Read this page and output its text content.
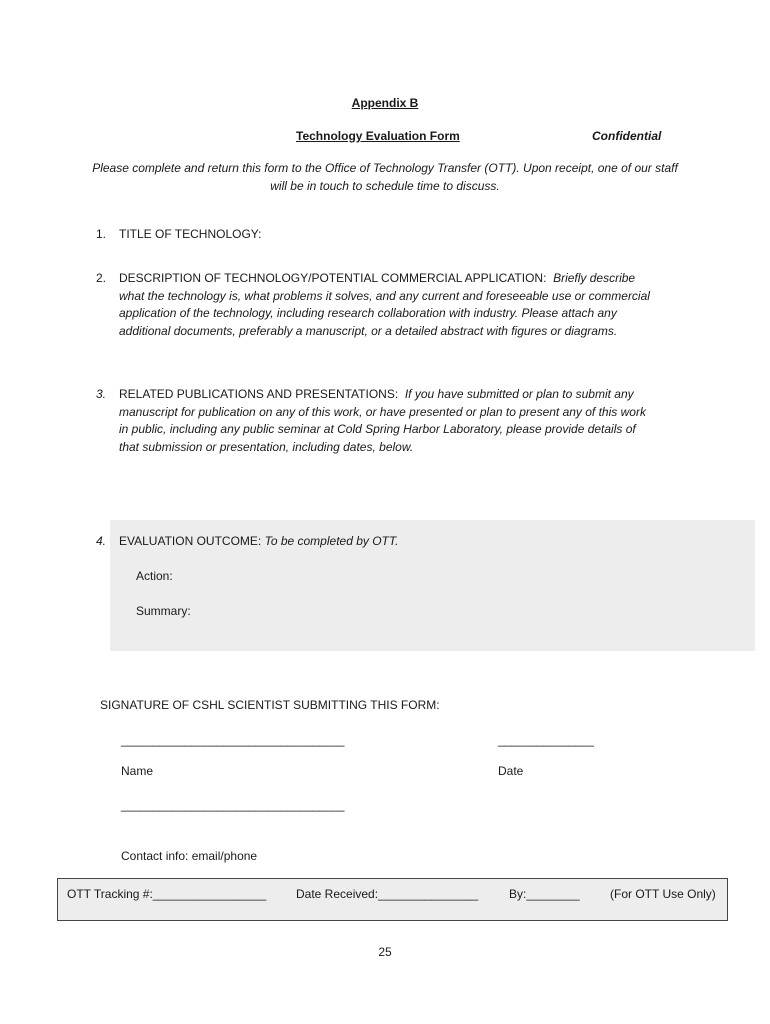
Appendix B
Technology Evaluation Form	Confidential
Please complete and return this form to the Office of Technology Transfer (OTT). Upon receipt, one of our staff will be in touch to schedule time to discuss.
1.	TITLE OF TECHNOLOGY:
2.	DESCRIPTION OF TECHNOLOGY/POTENTIAL COMMERCIAL APPLICATION: Briefly describe what the technology is, what problems it solves, and any current and foreseeable use or commercial application of the technology, including research collaboration with industry. Please attach any additional documents, preferably a manuscript, or a detailed abstract with figures or diagrams.
3.	RELATED PUBLICATIONS AND PRESENTATIONS: If you have submitted or plan to submit any manuscript for publication on any of this work, or have presented or plan to present any of this work in public, including any public seminar at Cold Spring Harbor Laboratory, please provide details of that submission or presentation, including dates, below.
4.	EVALUATION OUTCOME: To be completed by OTT.
Action:
Summary:
SIGNATURE OF CSHL SCIENTIST SUBMITTING THIS FORM:
___________________________________	_______________
Name	Date
___________________________________
Contact info: email/phone
OTT Tracking #:_________________ Date Received:_______________	By:________	(For OTT Use Only)
25
